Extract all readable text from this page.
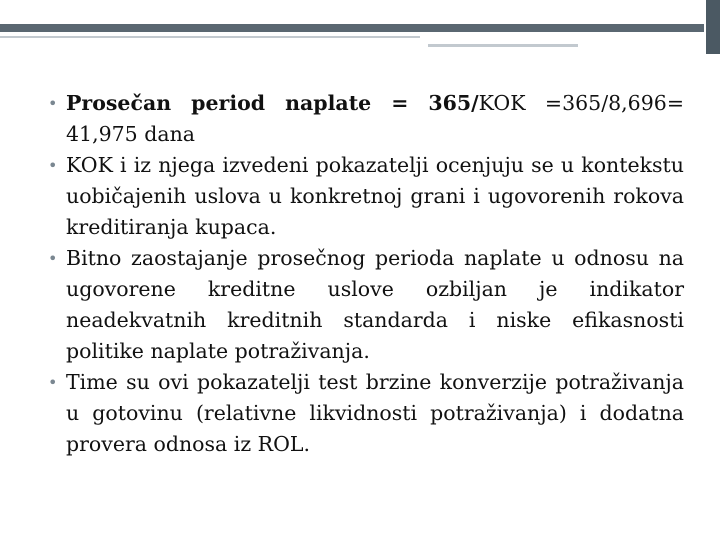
• Prosečan period naplate = 365/KOK =365/8,696= 41,975 dana
• KOK i iz njega izvedeni pokazatelji ocenjuju se u kontekstu uobičajenih uslova u konkretnoj grani i ugovorenih rokova kreditiranja kupaca.
• Bitno zaostajanje prosečnog perioda naplate u odnosu na ugovorene kreditne uslove ozbiljan je indikator neadekvatnih kreditnih standarda i niske efikasnosti politike naplate potraživanja.
• Time su ovi pokazatelji test brzine konverzije potraživanja u gotovinu (relativne likvidnosti potraživanja) i dodatna provera odnosa iz ROL.
